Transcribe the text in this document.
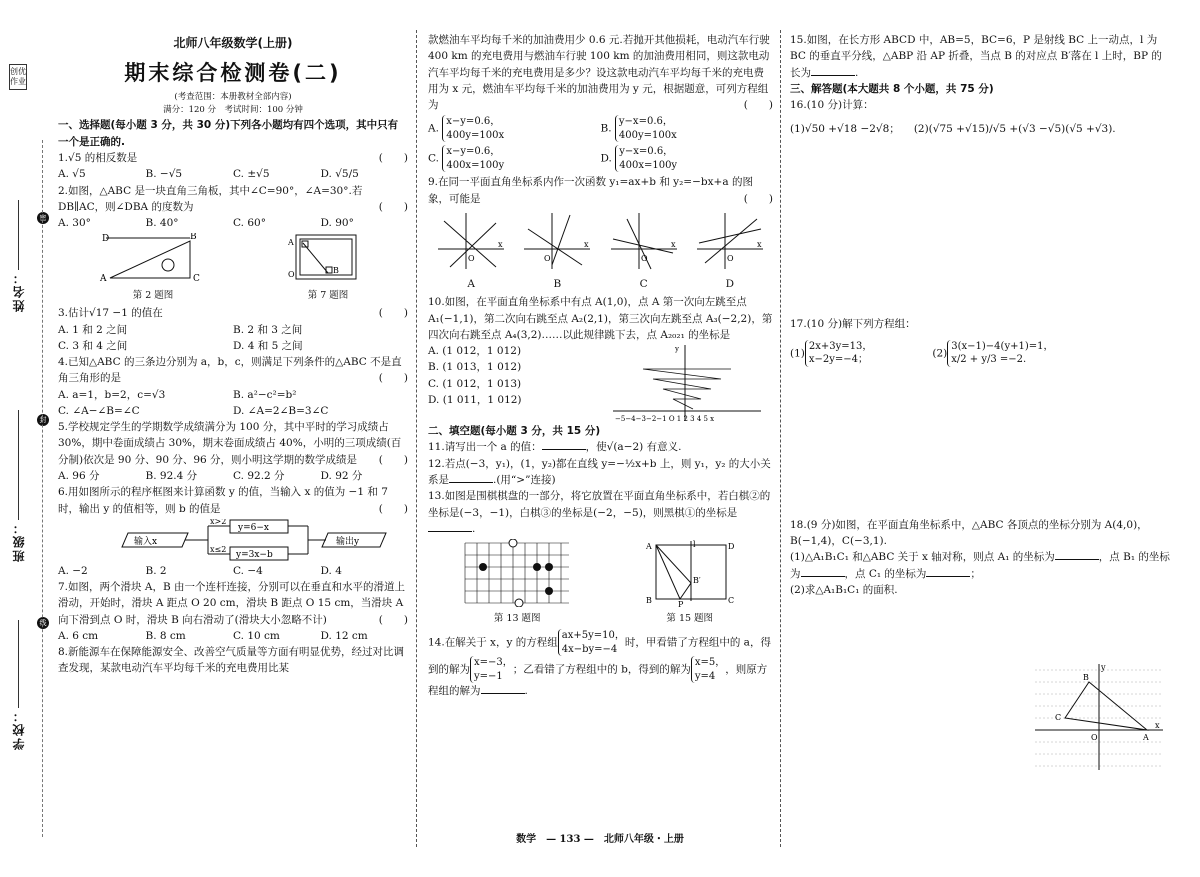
创优作业
姓名：
班级：
学校：
密
封
线
北师八年级数学(上册)
期末综合检测卷(二)

(考查范围：本册教材全部内容)

满分：120 分　考试时间：100 分钟

一、选择题(每小题 3 分，共 30 分)下列各小题均有四个选项，其中只有一个是正确的.

1.√5 的相反数是	(　　)

A. √5	B. −√5	C. ±√5	D. √5/5

2.如图，△ABC 是一块直角三角板，其中∠C=90°，∠A=30°.若 DB∥AC，则∠DBA 的度数为	(　　)

A. 30°	B. 40°	C. 60°	D. 90°
D	B
A	C
第 2 题图
A
O	B
第 7 题图

3.估计√17 −1 的值在	(　　)

A. 1 和 2 之间	B. 2 和 3 之间
C. 3 和 4 之间	D. 4 和 5 之间

4.已知△ABC 的三条边分别为 a，b，c，则满足下列条件的△ABC 不是直角三角形的是	(　　)

A. a=1，b=2，c=√3	B. a²−c²=b²
C. ∠A−∠B=∠C	D. ∠A=2∠B=3∠C

5.学校规定学生的学期数学成绩满分为 100 分，其中平时的学习成绩占 30%，期中卷面成绩占 30%，期末卷面成绩占 40%，小明的三项成绩(百分制)依次是 90 分、90 分、96 分，则小明这学期的数学成绩是 (　　)

A. 96 分	B. 92.4 分	C. 92.2 分	D. 92 分

6.用如图所示的程序框图来计算函数 y 的值，当输入 x 的值为 −1 和 7 时，输出 y 的值相等，则 b 的值是	(　　)

输入x
x>2
x≤2
y=6−x
y=3x−b
输出y
A. −2	B. 2	C. −4	D. 4

7.如图，两个滑块 A，B 由一个连杆连接，分别可以在垂直和水平的滑道上滑动，开始时，滑块 A 距点 O 20 cm，滑块 B 距点 O 15 cm，当滑块 A 向下滑到点 O 时，滑块 B 向右滑动了(滑块大小忽略不计)	(　　)

A. 6 cm	B. 8 cm	C. 10 cm	D. 12 cm

8.新能源车在保障能源安全、改善空气质量等方面有明显优势，经过对比调查发现，某款电动汽车平均每千米的充电费用比某

款燃油车平均每千米的加油费用少 0.6 元.若抛开其他损耗，电动汽车行驶 400 km 的充电费用与燃油车行驶 100 km 的加油费用相同，则这款电动汽车平均每千米的充电费用是多少？设这款电动汽车平均每千米的充电费用为 x 元，燃油车平均每千米的加油费用为 y 元，根据题意，可列方程组为	(　　)

A. x−y=0.6，
400y=100x
B. y−x=0.6，
400y=100x
C. x−y=0.6，
400x=100y
D. y−x=0.6，
400x=100y

9.在同一平面直角坐标系内作一次函数 y₁=ax+b 和 y₂=−bx+a 的图象，可能是	(　　)

O
x
A
O
x
B
O
x
C
O
x
D

10.如图，在平面直角坐标系中有点 A(1,0)，点 A 第一次向左跳至点 A₁(−1,1)，第二次向右跳至点 A₂(2,1)，第三次向左跳至点 A₃(−2,2)，第四次向右跳至点 A₄(3,2)……以此规律跳下去，点 A₂₀₂₁ 的坐标是

A. (1 012，1 012)
B. (1 013，1 012)
C. (1 012，1 013)
D. (1 011，1 012)
−5−4−3−2−1 O 1 2 3 4 5 x
y

二、填空题(每小题 3 分，共 15 分)

11.请写出一个 a 的值：	，使√(a−2) 有意义.

12.若点(−3，y₁)，(1，y₂)都在直线 y=−½x+b 上，则 y₁，y₂ 的大小关系是	.(用“>”连接)

13.如图是围棋棋盘的一部分，将它放置在平面直角坐标系中，若白棋②的坐标是(−3，−1)，白棋③的坐标是(−2，−5)，则黑棋①的坐标是.

第 13 题图
A	D
B	C
l
B′
P
第 15 题图

14.在解关于 x，y 的方程组ax+5y=10，
4x−by=−4时，甲看错了方程组中的 a，得到的解为x=−3，
y=−1；乙看错了方程组中的 b，得到的解为x=5，
y=4，则原方程组的解为	.

15.如图，在长方形 ABCD 中，AB=5，BC=6，P 是射线 BC 上一动点，l 为 BC 的垂直平分线，△ABP 沿 AP 折叠，当点 B 的对应点 B′落在 l 上时，BP 的长为	.

三、解答题(本大题共 8 个小题，共 75 分)

16.(10 分)计算：

(1)√50 +√18 −2√8； (2)(√75 +√15)/√5 +(√3 −√5)(√5 +√3).

17.(10 分)解下列方程组：

(1)2x+3y=13，
x−2y=−4；
(2)3(x−1)−4(y+1)=1，
x/2 + y/3 =−2.

18.(9 分)如图，在平面直角坐标系中，△ABC 各顶点的坐标分别为 A(4,0)，B(−1,4)，C(−3,1).

(1)△A₁B₁C₁ 和△ABC 关于 x 轴对称，则点 A₁ 的坐标为	，点 B₁ 的坐标为	，点 C₁ 的坐标为	；

(2)求△A₁B₁C₁ 的面积.

B
C
O	A
x
y
数学　 — 133 —　 北师八年级・上册
